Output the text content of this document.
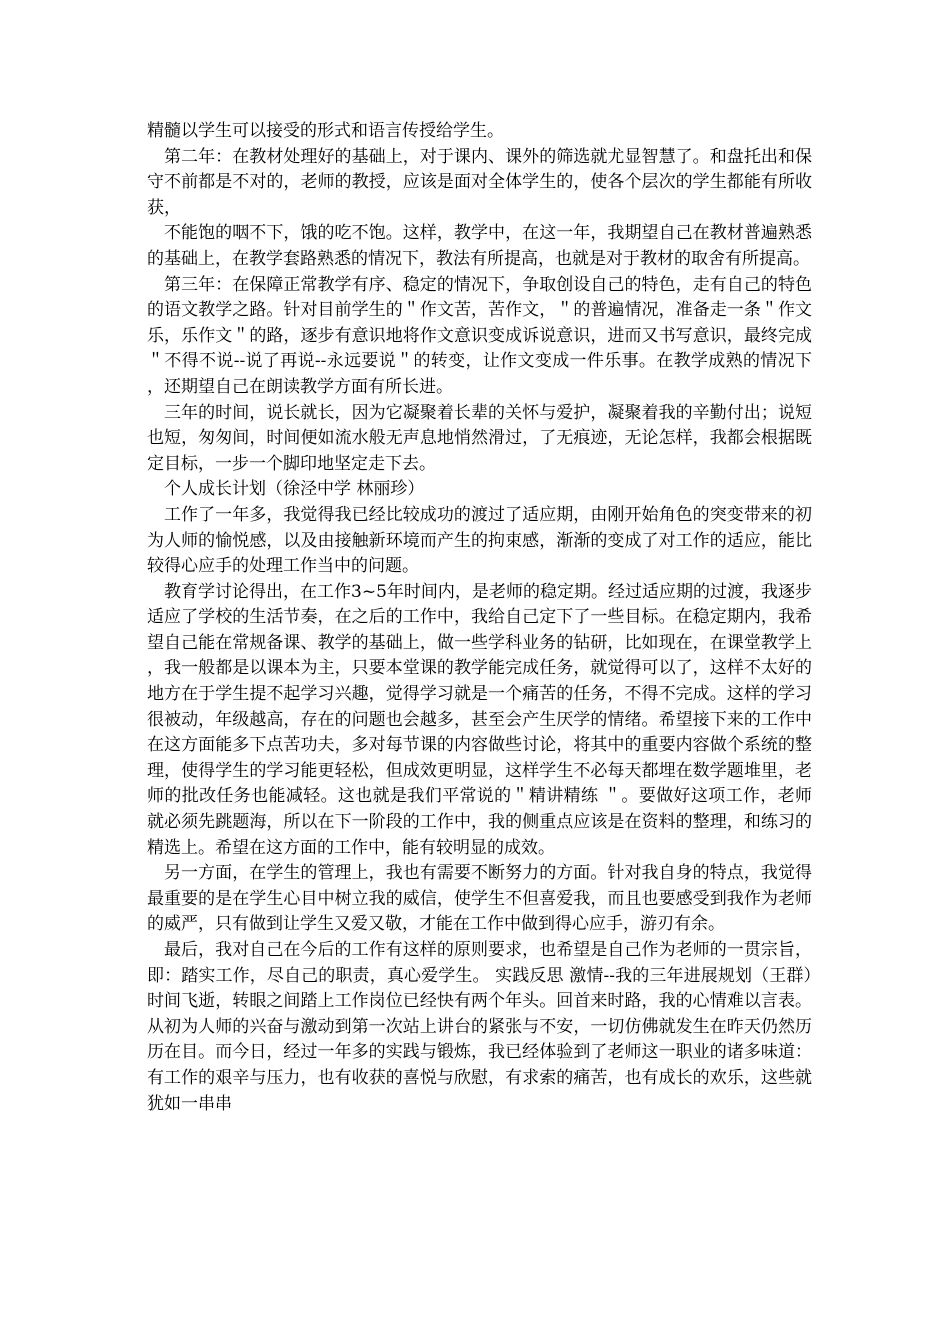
精髓以学生可以接受的形式和语言传授给学生。

第二年：在教材处理好的基础上，对于课内、课外的筛选就尤显智慧了。和盘托出和保守不前都是不对的，老师的教授，应该是面对全体学生的，使各个层次的学生都能有所收获，

不能饱的咽不下，饿的吃不饱。这样，教学中，在这一年，我期望自己在教材普遍熟悉的基础上，在教学套路熟悉的情况下，教法有所提高，也就是对于教材的取舍有所提高。

第三年：在保障正常教学有序、稳定的情况下，争取创设自己的特色，走有自己的特色的语文教学之路。针对目前学生的＂作文苦，苦作文，＂的普遍情况，准备走一条＂作文乐，乐作文＂的路，逐步有意识地将作文意识变成诉说意识，进而又书写意识，最终完成＂不得不说--说了再说--永远要说＂的转变，让作文变成一件乐事。在教学成熟的情况下，还期望自己在朗读教学方面有所长进。

三年的时间，说长就长，因为它凝聚着长辈的关怀与爱护，凝聚着我的辛勤付出；说短也短，匆匆间，时间便如流水般无声息地悄然滑过，了无痕迹，无论怎样，我都会根据既定目标，一步一个脚印地坚定走下去。

个人成长计划（徐泾中学 林丽珍）

工作了一年多，我觉得我已经比较成功的渡过了适应期，由刚开始角色的突变带来的初为人师的愉悦感，以及由接触新环境而产生的拘束感，渐渐的变成了对工作的适应，能比较得心应手的处理工作当中的问题。

教育学讨论得出，在工作3~5年时间内，是老师的稳定期。经过适应期的过渡，我逐步适应了学校的生活节奏，在之后的工作中，我给自己定下了一些目标。在稳定期内，我希望自己能在常规备课、教学的基础上，做一些学科业务的钻研，比如现在，在课堂教学上，我一般都是以课本为主，只要本堂课的教学能完成任务，就觉得可以了，这样不太好的地方在于学生提不起学习兴趣，觉得学习就是一个痛苦的任务，不得不完成。这样的学习很被动，年级越高，存在的问题也会越多，甚至会产生厌学的情绪。希望接下来的工作中在这方面能多下点苦功夫，多对每节课的内容做些讨论，将其中的重要内容做个系统的整理，使得学生的学习能更轻松，但成效更明显，这样学生不必每天都埋在数学题堆里，老师的批改任务也能减轻。这也就是我们平常说的＂精讲精练 ＂。要做好这项工作，老师就必须先跳题海，所以在下一阶段的工作中，我的侧重点应该是在资料的整理，和练习的精选上。希望在这方面的工作中，能有较明显的成效。

另一方面，在学生的管理上，我也有需要不断努力的方面。针对我自身的特点，我觉得最重要的是在学生心目中树立我的威信，使学生不但喜爱我，而且也要感受到我作为老师的威严，只有做到让学生又爱又敬，才能在工作中做到得心应手，游刃有余。

最后，我对自己在今后的工作有这样的原则要求，也希望是自己作为老师的一贯宗旨，即：踏实工作，尽自己的职责，真心爱学生。 实践反思 激情--我的三年进展规划（王群） 时间飞逝，转眼之间踏上工作岗位已经快有两个年头。回首来时路，我的心情难以言表。从初为人师的兴奋与激动到第一次站上讲台的紧张与不安，一切仿佛就发生在昨天仍然历历在目。而今日，经过一年多的实践与锻炼，我已经体验到了老师这一职业的诸多味道：有工作的艰辛与压力，也有收获的喜悦与欣慰，有求索的痛苦，也有成长的欢乐，这些就犹如一串串
